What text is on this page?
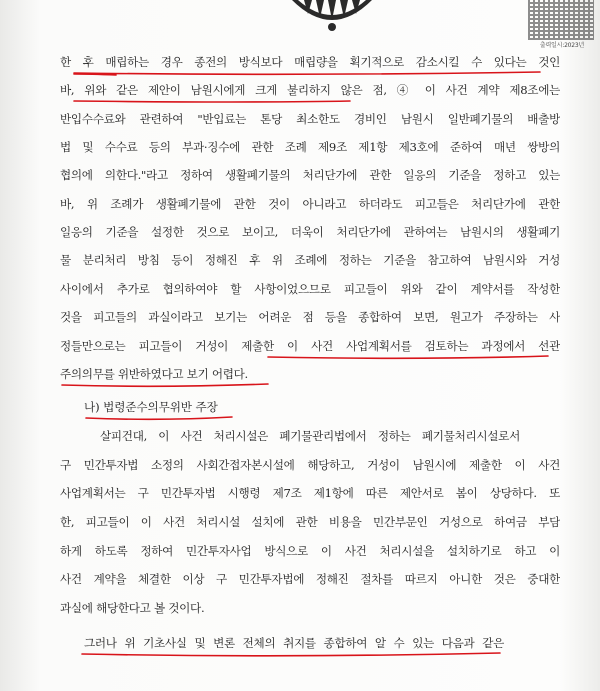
출력일시:2023년

한 후 매립하는 경우 종전의 방식보다 매립량을 획기적으로 감소시킬 수 있다는 것인

바, 위와 같은 제안이 남원시에게 크게 불리하지 않은 점, ④ 이 사건 계약 제8조에는

반입수수료와 관련하여 "반입료는 톤당 최소한도 경비인 남원시 일반폐기물의 배출방

법 및 수수료 등의 부과·징수에 관한 조례 제9조 제1항 제3호에 준하여 매년 쌍방의

협의에 의한다."라고 정하여 생활폐기물의 처리단가에 관한 일응의 기준을 정하고 있는

바, 위 조례가 생활폐기물에 관한 것이 아니라고 하더라도 피고들은 처리단가에 관한

일응의 기준을 설정한 것으로 보이고, 더욱이 처리단가에 관하여는 남원시의 생활폐기

물 분리처리 방침 등이 정해진 후 위 조례에 정하는 기준을 참고하여 남원시와 거성

사이에서 추가로 협의하여야 할 사항이었으므로 피고들이 위와 같이 계약서를 작성한

것을 피고들의 과실이라고 보기는 어려운 점 등을 종합하여 보면, 원고가 주장하는 사

정들만으로는 피고들이 거성이 제출한 이 사건 사업계획서를 검토하는 과정에서 선관

주의의무를 위반하였다고 보기 어렵다.

나) 법령준수의무위반 주장

살피건대, 이 사건 처리시설은 폐기물관리법에서 정하는 폐기물처리시설로서

구 민간투자법 소정의 사회간접자본시설에 해당하고, 거성이 남원시에 제출한 이 사건

사업계획서는 구 민간투자법 시행령 제7조 제1항에 따른 제안서로 봄이 상당하다. 또

한, 피고들이 이 사건 처리시설 설치에 관한 비용을 민간부문인 거성으로 하여금 부담

하게 하도록 정하여 민간투자사업 방식으로 이 사건 처리시설을 설치하기로 하고 이

사건 계약을 체결한 이상 구 민간투자법에 정해진 절차를 따르지 아니한 것은 중대한

과실에 해당한다고 볼 것이다.

그러나 위 기초사실 및 변론 전체의 취지를 종합하여 알 수 있는 다음과 같은
